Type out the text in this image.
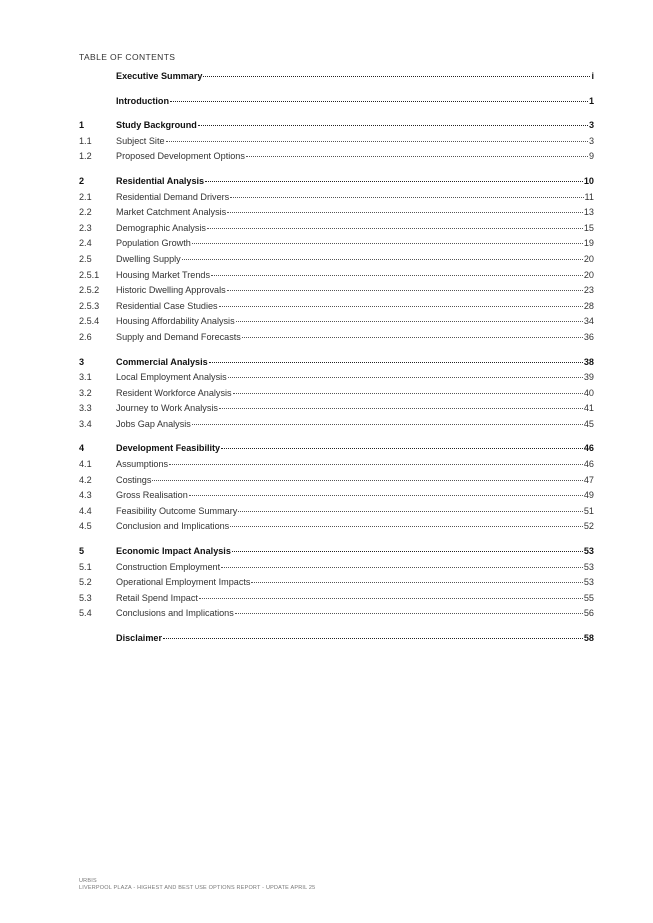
TABLE OF CONTENTS
Executive Summary	i
Introduction	1
1	Study Background	3
1.1	Subject Site	3
1.2	Proposed Development Options	9
2	Residential Analysis	10
2.1	Residential Demand Drivers	11
2.2	Market Catchment Analysis	13
2.3	Demographic Analysis	15
2.4	Population Growth	19
2.5	Dwelling Supply	20
2.5.1	Housing Market Trends	20
2.5.2	Historic Dwelling Approvals	23
2.5.3	Residential Case Studies	28
2.5.4	Housing Affordability Analysis	34
2.6	Supply and Demand Forecasts	36
3	Commercial Analysis	38
3.1	Local Employment Analysis	39
3.2	Resident Workforce Analysis	40
3.3	Journey to Work Analysis	41
3.4	Jobs Gap Analysis	45
4	Development Feasibility	46
4.1	Assumptions	46
4.2	Costings	47
4.3	Gross Realisation	49
4.4	Feasibility Outcome Summary	51
4.5	Conclusion and Implications	52
5	Economic Impact Analysis	53
5.1	Construction Employment	53
5.2	Operational Employment Impacts	53
5.3	Retail Spend Impact	55
5.4	Conclusions and Implications	56
Disclaimer	58
URBIS
LIVERPOOL PLAZA - HIGHEST AND BEST USE OPTIONS REPORT - UPDATE APRIL 25
